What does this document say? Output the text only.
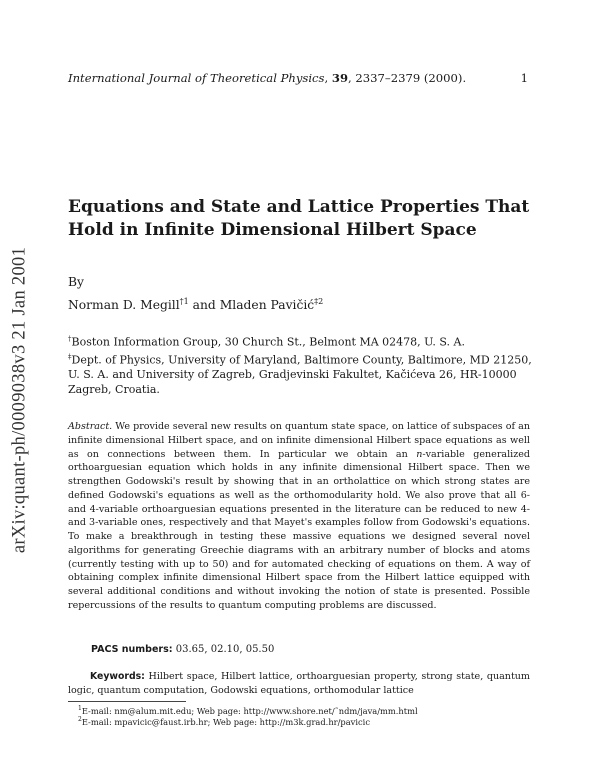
International Journal of Theoretical Physics, 39, 2337–2379 (2000).	1
arXiv:quant-ph/0009038v3 21 Jan 2001
Equations and State and Lattice Properties That Hold in Infinite Dimensional Hilbert Space
By
Norman D. Megill$^{\dagger 1}$ and Mladen Pavičić$^{\ddagger 2}$
†Boston Information Group, 30 Church St., Belmont MA 02478, U. S. A.
‡Dept. of Physics, University of Maryland, Baltimore County, Baltimore, MD 21250, U. S. A. and University of Zagreb, Gradjevinski Fakultet, Kačićeva 26, HR-10000 Zagreb, Croatia.
Abstract. We provide several new results on quantum state space, on lattice of subspaces of an infinite dimensional Hilbert space, and on infinite dimensional Hilbert space equations as well as on connections between them. In particular we obtain an n-variable generalized orthoarguesian equation which holds in any infinite dimensional Hilbert space. Then we strengthen Godowski's result by showing that in an ortholattice on which strong states are defined Godowski's equations as well as the orthomodularity hold. We also prove that all 6- and 4-variable orthoarguesian equations presented in the literature can be reduced to new 4- and 3-variable ones, respectively and that Mayet's examples follow from Godowski's equations. To make a breakthrough in testing these massive equations we designed several novel algorithms for generating Greechie diagrams with an arbitrary number of blocks and atoms (currently testing with up to 50) and for automated checking of equations on them. A way of obtaining complex infinite dimensional Hilbert space from the Hilbert lattice equipped with several additional conditions and without invoking the notion of state is presented. Possible repercussions of the results to quantum computing problems are discussed.
PACS numbers: 03.65, 02.10, 05.50
Keywords: Hilbert space, Hilbert lattice, orthoarguesian property, strong state, quantum logic, quantum computation, Godowski equations, orthomodular lattice
$^1$E-mail: nm@alum.mit.edu; Web page: http://www.shore.net/˜ndm/java/mm.html
$^2$E-mail: mpavicic@faust.irb.hr; Web page: http://m3k.grad.hr/pavicic
